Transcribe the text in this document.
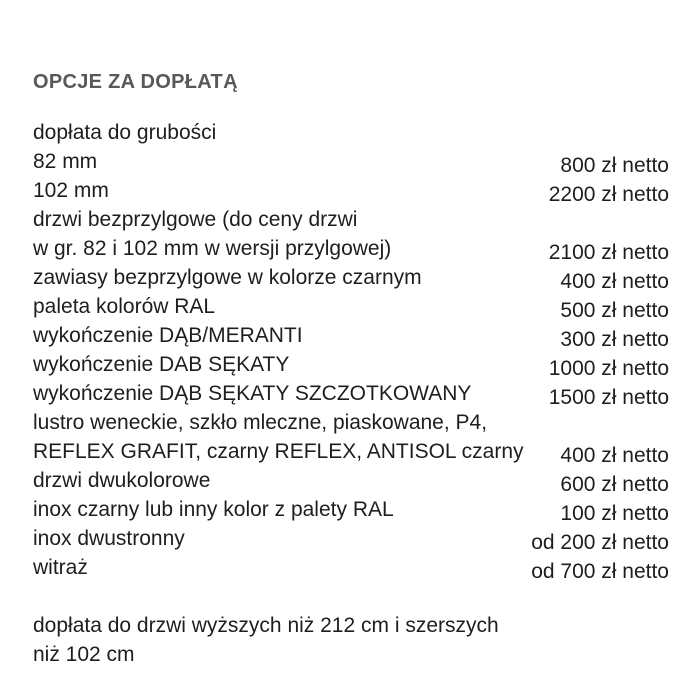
OPCJE ZA DOPŁATĄ
dopłata do grubości
82 mm	800 zł netto
102 mm	2200 zł netto
drzwi bezprzylgowe (do ceny drzwi
w gr. 82 i 102 mm w wersji przylgowej)	2100 zł netto
zawiasy bezprzylgowe w kolorze czarnym	400 zł netto
paleta kolorów RAL	500 zł netto
wykończenie DĄB/MERANTI	300 zł netto
wykończenie DAB SĘKATY	1000 zł netto
wykończenie DĄB SĘKATY SZCZOTKOWANY	1500 zł netto
lustro weneckie, szkło mleczne, piaskowane, P4,
REFLEX GRAFIT, czarny REFLEX, ANTISOL czarny 400 zł netto
drzwi dwukolorowe	600 zł netto
inox czarny lub inny kolor z palety RAL	100 zł netto
inox dwustronny	od 200 zł netto
witraż	od 700 zł netto
dopłata do drzwi wyższych niż 212 cm i szerszych
niż 102 cm
